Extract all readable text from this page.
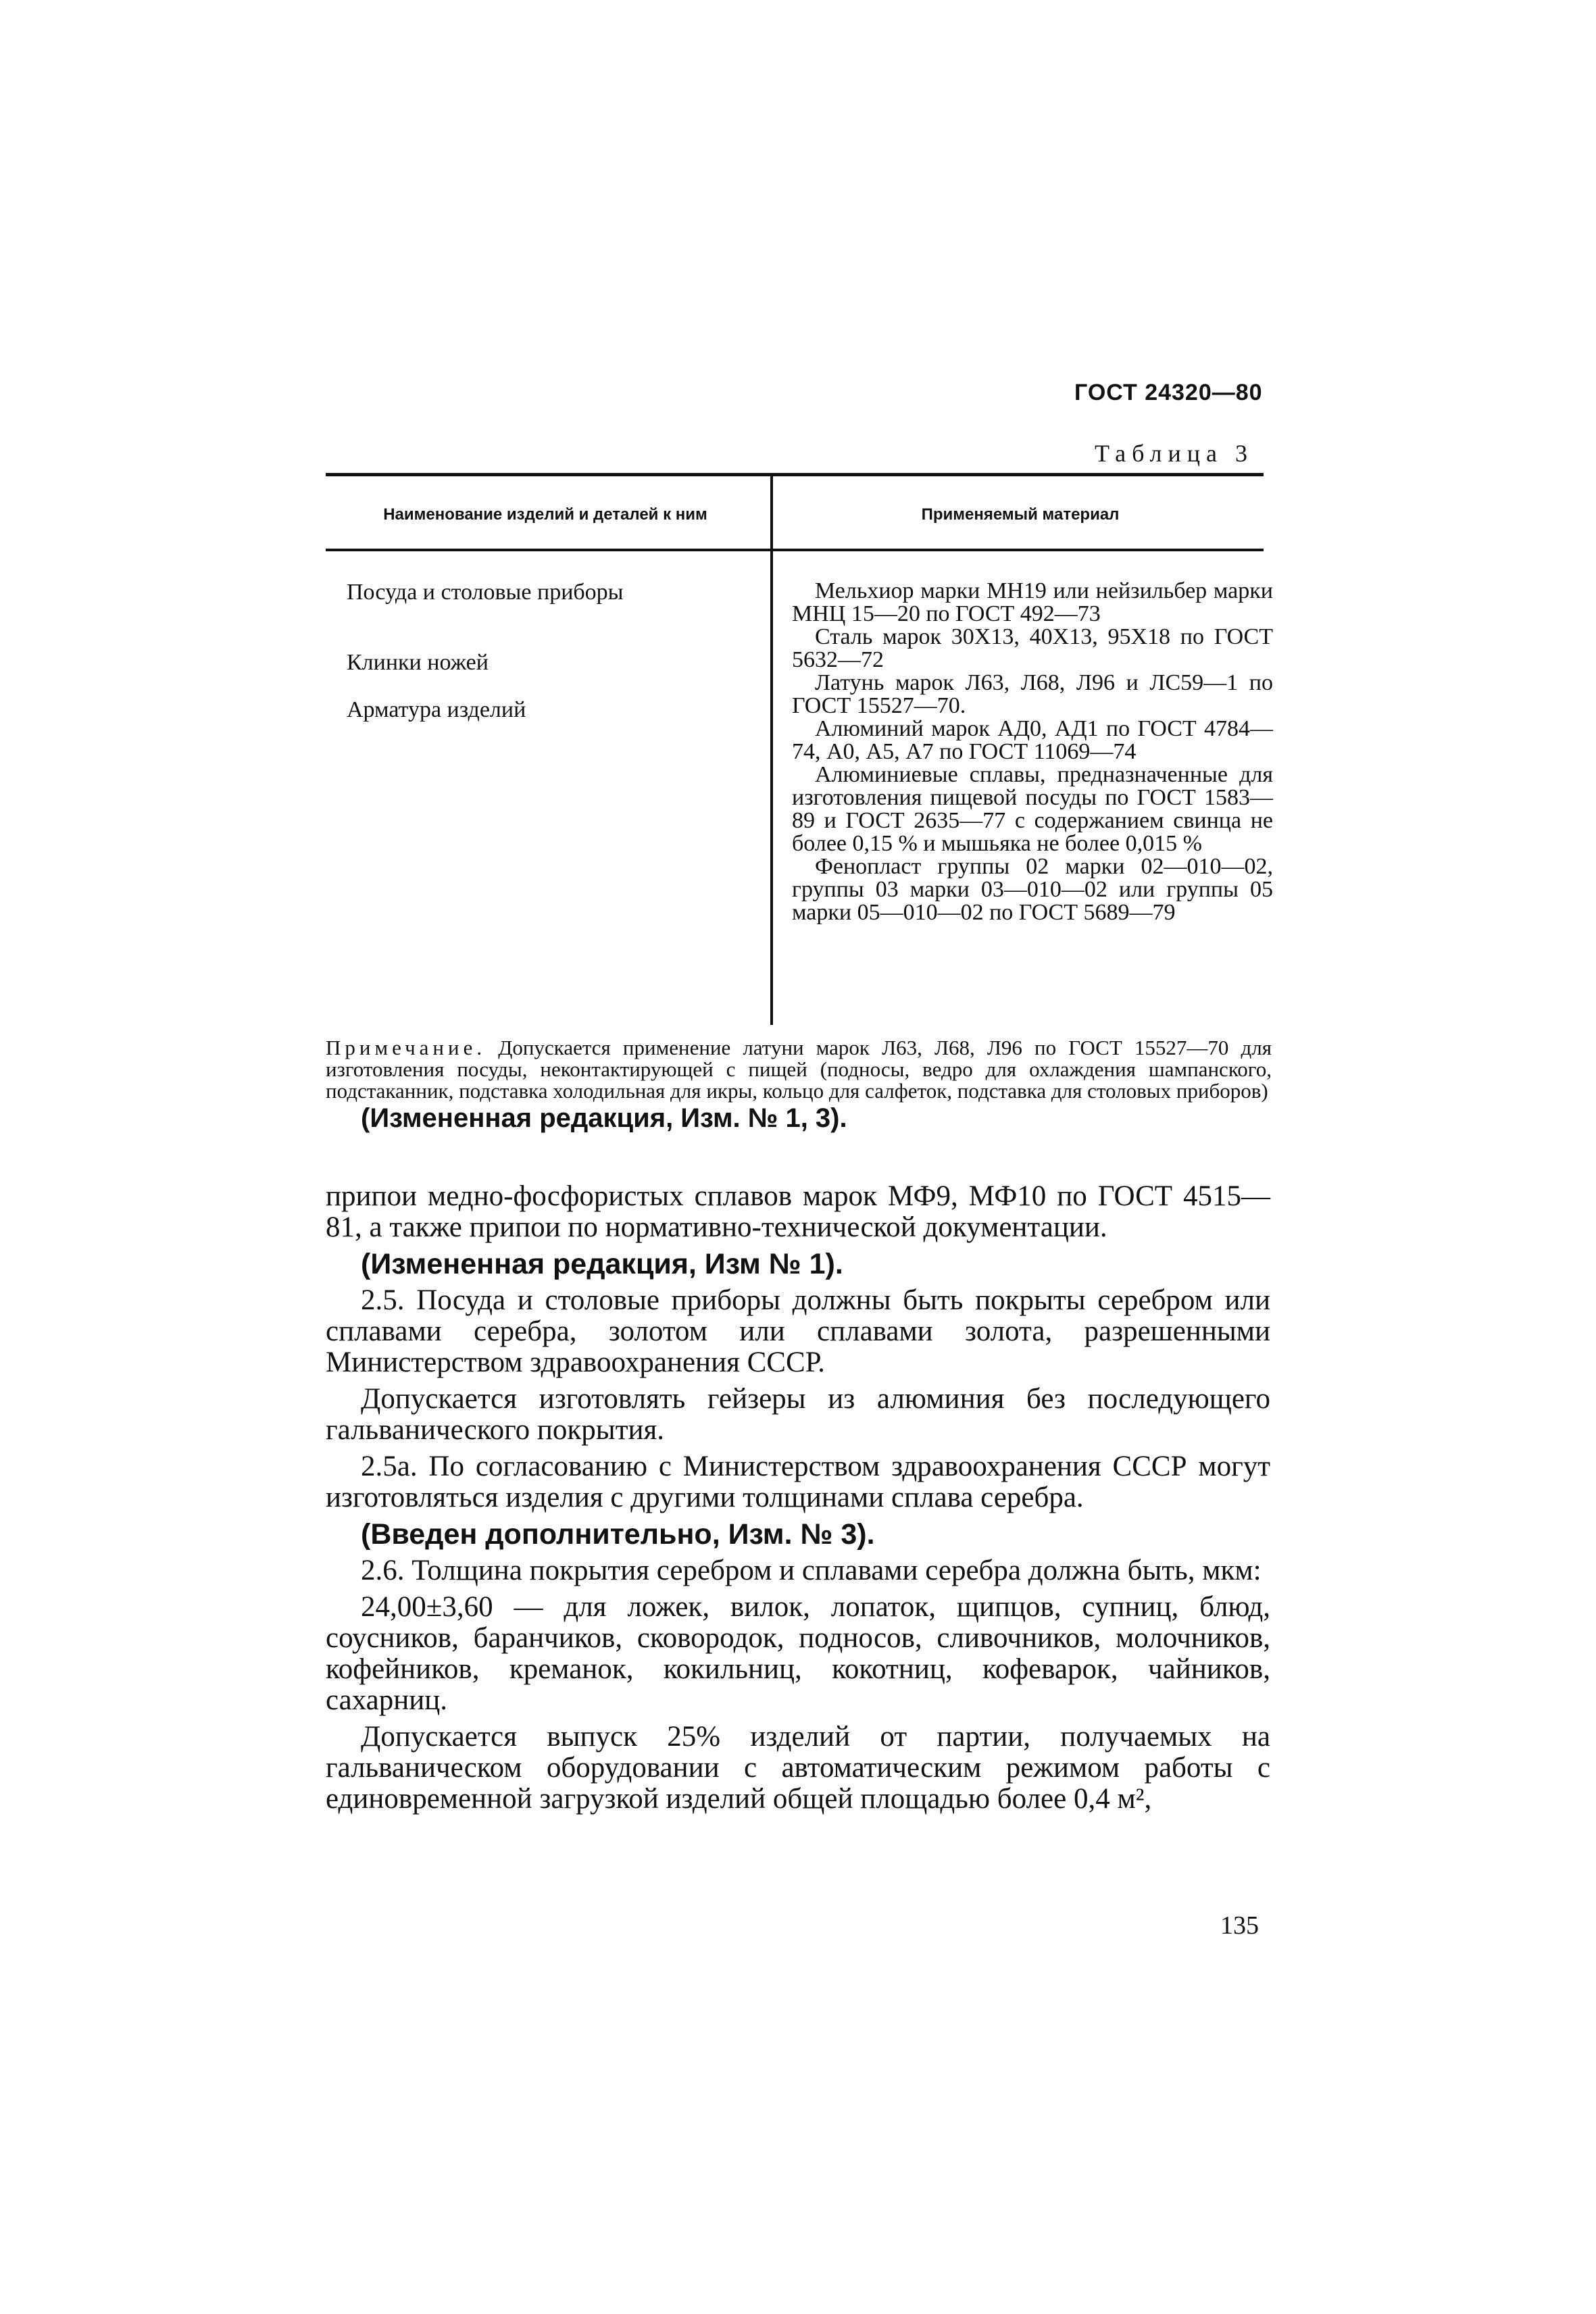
ГОСТ 24320—80
Таблица 3
Наименование изделий и деталей к ним	Применяемый материал
Посуда и столовые приборы
Клинки ножей
Арматура изделий

Мельхиор марки МН19 или нейзильбер марки МНЦ 15—20 по ГОСТ 492—73

Сталь марок 30Х13, 40Х13, 95Х18 по ГОСТ 5632—72

Латунь марок Л63, Л68, Л96 и ЛС59—1 по ГОСТ 15527—70.

Алюминий марок АД0, АД1 по ГОСТ 4784—74, А0, А5, А7 по ГОСТ 11069—74

Алюминиевые сплавы, предназначенные для изготовления пищевой посуды по ГОСТ 1583—89 и ГОСТ 2635—77 с содержанием свинца не более 0,15 % и мышьяка не более 0,015 %

Фенопласт группы 02 марки 02—010—02, группы 03 марки 03—010—02 или группы 05 марки 05—010—02 по ГОСТ 5689—79

Примечание. Допускается применение латуни марок Л63, Л68, Л96 по ГОСТ 15527—70 для изготовления посуды, неконтактирующей с пищей (подносы, ведро для охлаждения шампанского, подстаканник, подставка холодильная для икры, кольцо для салфеток, подставка для столовых приборов)
(Измененная редакция, Изм. № 1, 3).

припои медно-фосфористых сплавов марок МФ9, МФ10 по ГОСТ 4515—81, а также припои по нормативно-технической документации.

(Измененная редакция, Изм № 1).

2.5. Посуда и столовые приборы должны быть покрыты серебром или сплавами серебра, золотом или сплавами золота, разрешенными Министерством здравоохранения СССР.

Допускается изготовлять гейзеры из алюминия без последующего гальванического покрытия.

2.5а. По согласованию с Министерством здравоохранения СССР могут изготовляться изделия с другими толщинами сплава серебра.

(Введен дополнительно, Изм. № 3).

2.6. Толщина покрытия серебром и сплавами серебра должна быть, мкм:

24,00±3,60 — для ложек, вилок, лопаток, щипцов, супниц, блюд, соусников, баранчиков, сковородок, подносов, сливочников, молочников, кофейников, креманок, кокильниц, кокотниц, кофеварок, чайников, сахарниц.

Допускается выпуск 25% изделий от партии, получаемых на гальваническом оборудовании с автоматическим режимом работы с единовременной загрузкой изделий общей площадью более 0,4 м²,

135
